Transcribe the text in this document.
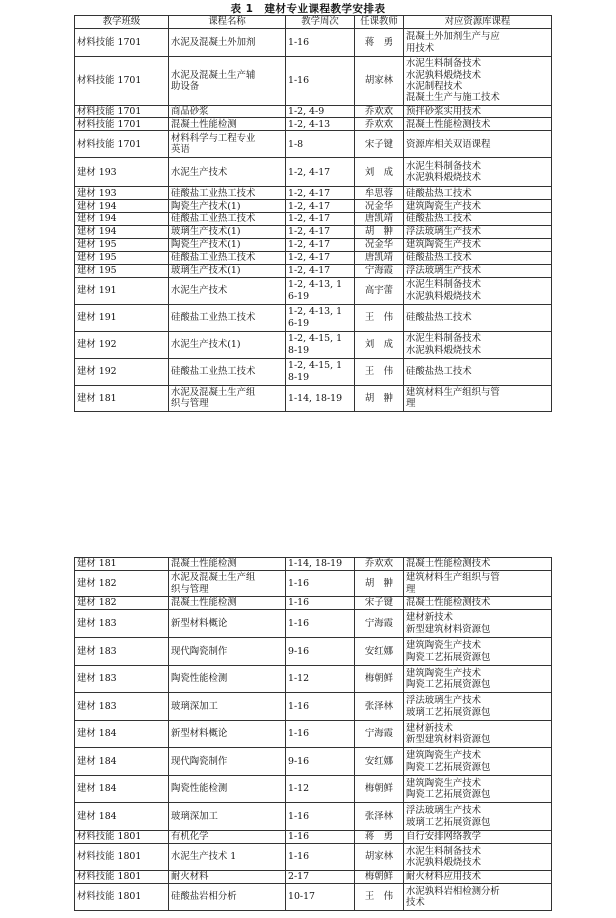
表 1　建材专业课程教学安排表
教学班级	课程名称	教学周次	任课教师	对应资源库课程
材料技能 1701	水泥及混凝土外加剂	1-16	蒋　勇	混凝土外加剂生产与应
用技术

材料技能 1701	水泥及混凝土生产辅
助设备	1-16	胡家林	水泥生料制备技术
水泥孰料煅烧技术
水泥制程技术
混凝土生产与施工技术

材料技能 1701	商品砂浆	1-2, 4-9	乔欢欢	预拌砂浆实用技术

材料技能 1701	混凝土性能检测	1-2, 4-13	乔欢欢	混凝土性能检测技术

材料技能 1701	材料科学与工程专业
英语	1-8	宋子键	资源库相关双语课程

建材 193	水泥生产技术	1-2, 4-17	刘　成	水泥生料制备技术
水泥孰料煅烧技术

建材 193	硅酸盐工业热工技术	1-2, 4-17	牟思蓉	硅酸盐热工技术

建材 194	陶瓷生产技术(1)	1-2, 4-17	况金华	建筑陶瓷生产技术

建材 194	硅酸盐工业热工技术	1-2, 4-17	唐凯靖	硅酸盐热工技术

建材 194	玻璃生产技术(1)	1-2, 4-17	胡　翀	浮法玻璃生产技术

建材 195	陶瓷生产技术(1)	1-2, 4-17	况金华	建筑陶瓷生产技术

建材 195	硅酸盐工业热工技术	1-2, 4-17	唐凯靖	硅酸盐热工技术

建材 195	玻璃生产技术(1)	1-2, 4-17	宁海霞	浮法玻璃生产技术

建材 191	水泥生产技术	1-2, 4-13, 1
6-19	高宇蕾	水泥生料制备技术
水泥孰料煅烧技术

建材 191	硅酸盐工业热工技术	1-2, 4-13, 1
6-19	王　伟	硅酸盐热工技术

建材 192	水泥生产技术(1)	1-2, 4-15, 1
8-19	刘　成	水泥生料制备技术
水泥孰料煅烧技术

建材 192	硅酸盐工业热工技术	1-2, 4-15, 1
8-19	王　伟	硅酸盐热工技术

建材 181	水泥及混凝土生产组
织与管理	1-14, 18-19	胡　翀	建筑材料生产组织与管
理
建材 181	混凝土性能检测	1-14, 18-19	乔欢欢	混凝土性能检测技术

建材 182	水泥及混凝土生产组
织与管理	1-16	胡　翀	建筑材料生产组织与管
理

建材 182	混凝土性能检测	1-16	宋子键	混凝土性能检测技术

建材 183	新型材料概论	1-16	宁海霞	建材新技术
新型建筑材料资源包

建材 183	现代陶瓷制作	9-16	安红娜	建筑陶瓷生产技术
陶瓷工艺拓展资源包

建材 183	陶瓷性能检测	1-12	梅朝鲜	建筑陶瓷生产技术
陶瓷工艺拓展资源包

建材 183	玻璃深加工	1-16	张泽林	浮法玻璃生产技术
玻璃工艺拓展资源包

建材 184	新型材料概论	1-16	宁海霞	建材新技术
新型建筑材料资源包

建材 184	现代陶瓷制作	9-16	安红娜	建筑陶瓷生产技术
陶瓷工艺拓展资源包

建材 184	陶瓷性能检测	1-12	梅朝鲜	建筑陶瓷生产技术
陶瓷工艺拓展资源包

建材 184	玻璃深加工	1-16	张泽林	浮法玻璃生产技术
玻璃工艺拓展资源包

材料技能 1801	有机化学	1-16	蒋　勇	自行安排网络教学

材料技能 1801	水泥生产技术 1	1-16	胡家林	水泥生料制备技术
水泥孰料煅烧技术

材料技能 1801	耐火材料	2-17	梅朝鲜	耐火材料应用技术

材料技能 1801	硅酸盐岩相分析	10-17	王　伟	水泥孰料岩相检测分析
技术
